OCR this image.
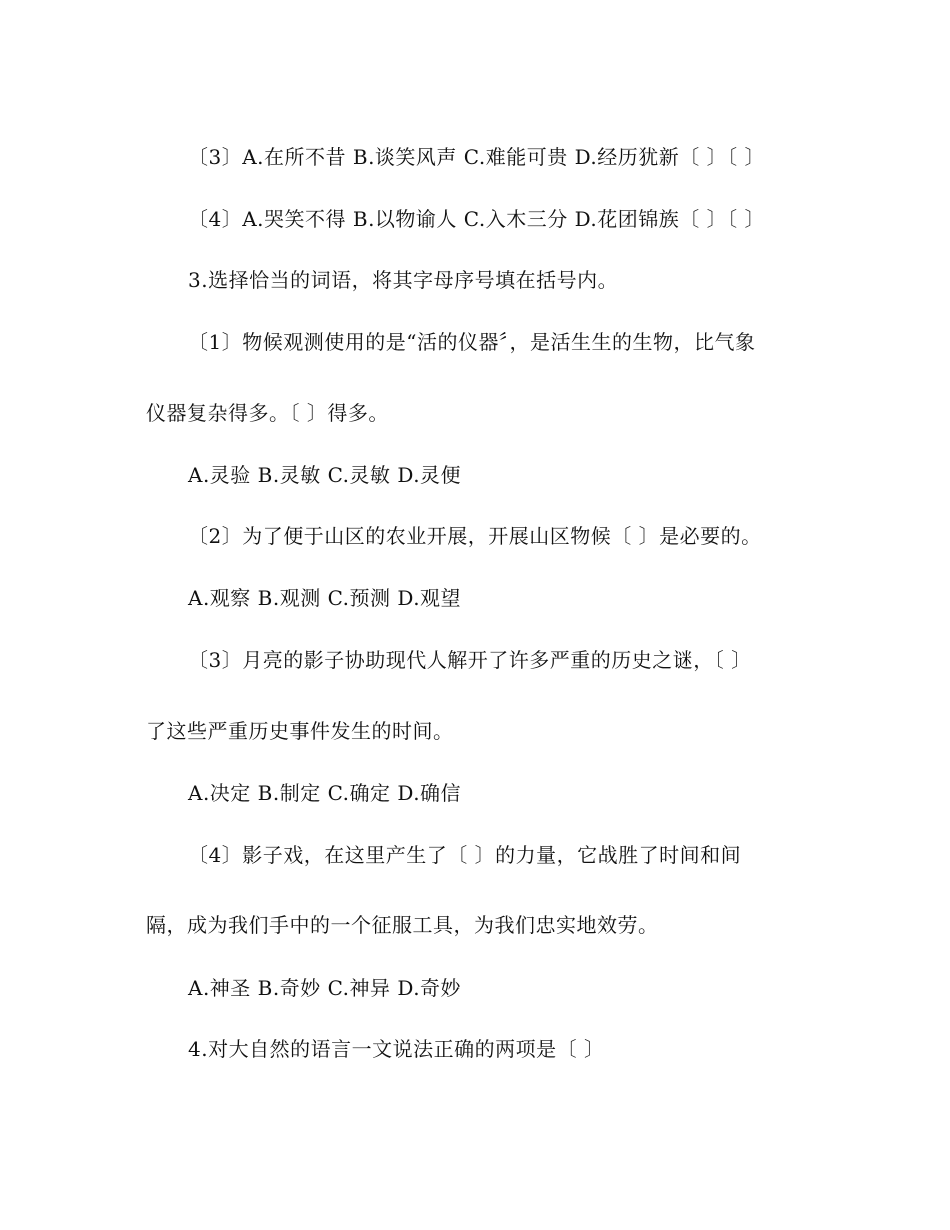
〔3〕A.在所不昔 B.谈笑风声 C.难能可贵 D.经历犹新〔 〕〔 〕
〔4〕A.哭笑不得 B.以物谕人 C.入木三分 D.花团锦族〔 〕〔 〕
3.选择恰当的词语，将其字母序号填在括号内。
〔1〕物候观测使用的是“活的仪器〞，是活生生的生物，比气象
仪器复杂得多。〔 〕得多。
A.灵验 B.灵敏 C.灵敏 D.灵便
〔2〕为了便于山区的农业开展，开展山区物候〔 〕是必要的。
A.观察 B.观测 C.预测 D.观望
〔3〕月亮的影子协助现代人解开了许多严重的历史之谜，〔 〕
了这些严重历史事件发生的时间。
A.决定 B.制定 C.确定 D.确信
〔4〕影子戏，在这里产生了〔 〕的力量，它战胜了时间和间
隔，成为我们手中的一个征服工具，为我们忠实地效劳。
A.神圣 B.奇妙 C.神异 D.奇妙
4.对大自然的语言一文说法正确的两项是〔 〕
